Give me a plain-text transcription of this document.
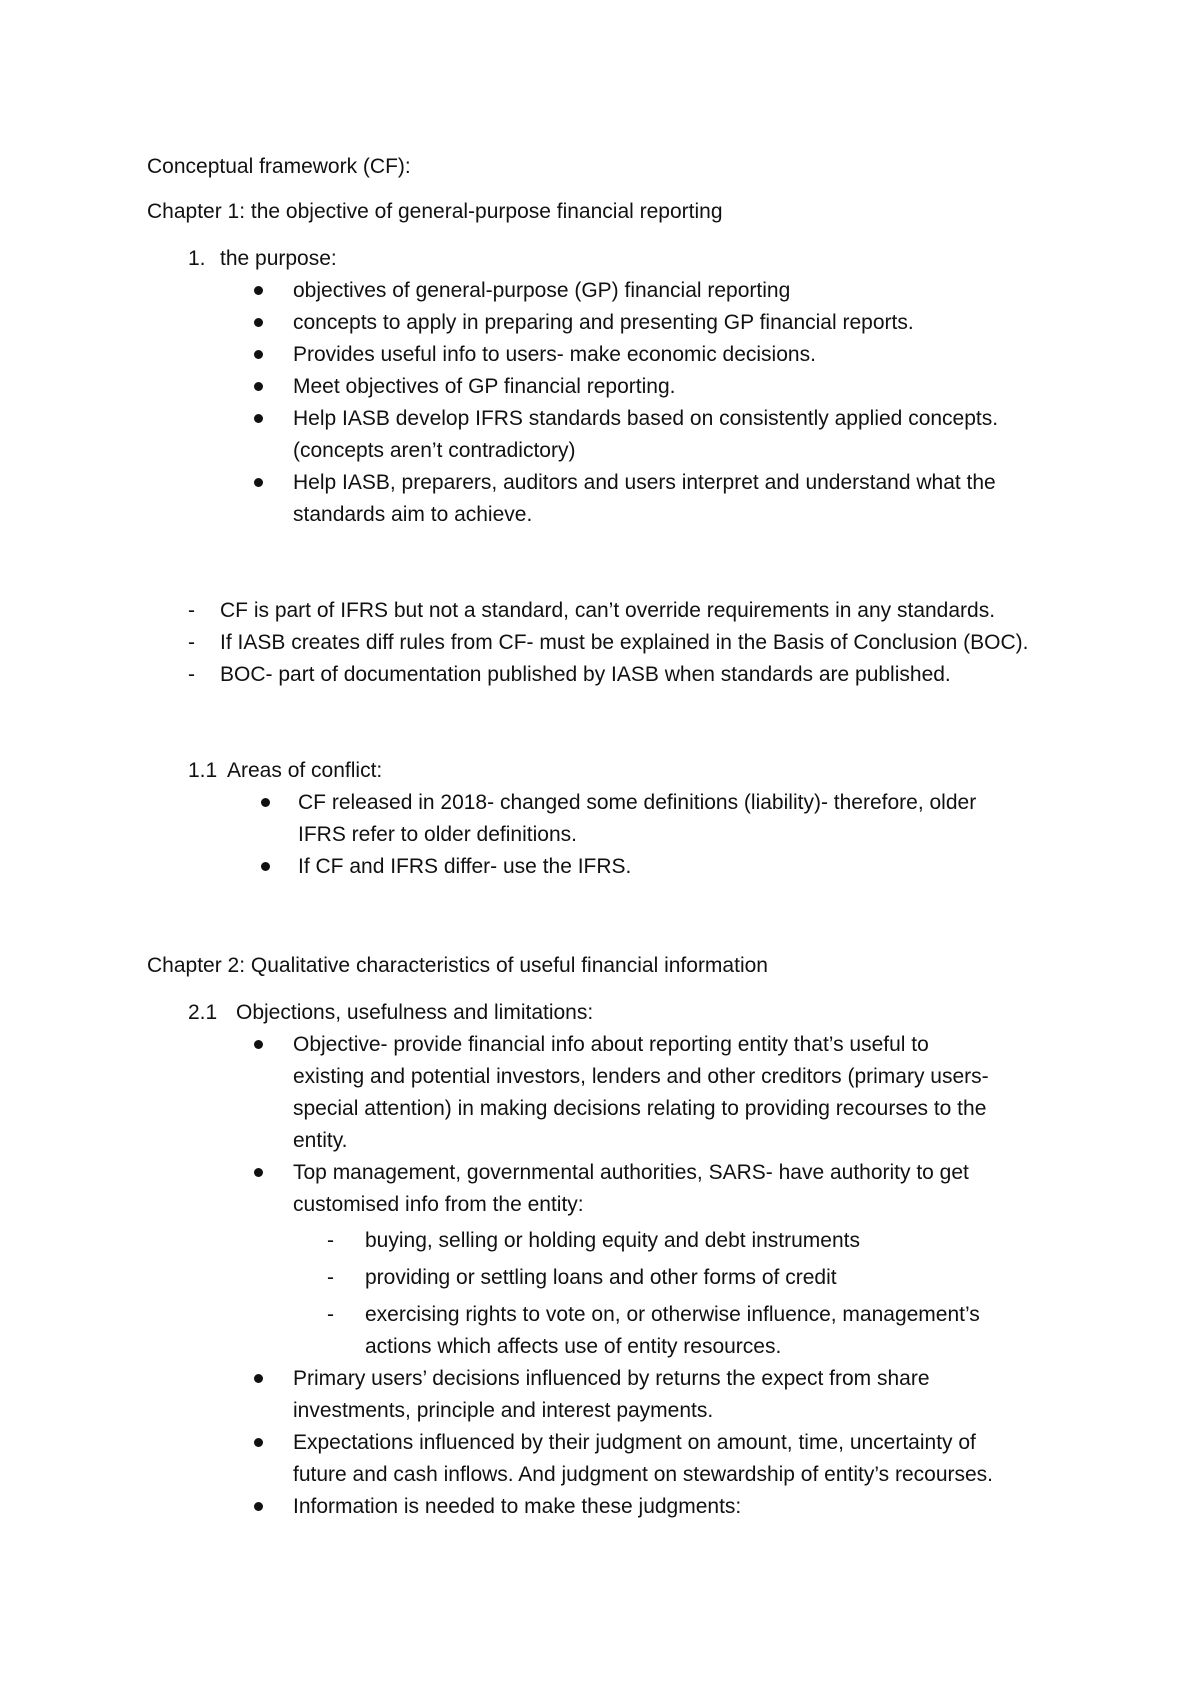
Conceptual framework (CF):
Chapter 1: the objective of general-purpose financial reporting
1. the purpose:
objectives of general-purpose (GP) financial reporting
concepts to apply in preparing and presenting GP financial reports.
Provides useful info to users- make economic decisions.
Meet objectives of GP financial reporting.
Help IASB develop IFRS standards based on consistently applied concepts.
(concepts aren’t contradictory)
Help IASB, preparers, auditors and users interpret and understand what the
standards aim to achieve.
- CF is part of IFRS but not a standard, can’t override requirements in any standards.
- If IASB creates diff rules from CF- must be explained in the Basis of Conclusion (BOC).
- BOC- part of documentation published by IASB when standards are published.
1.1 Areas of conflict:
CF released in 2018- changed some definitions (liability)- therefore, older
IFRS refer to older definitions.
If CF and IFRS differ- use the IFRS.
Chapter 2: Qualitative characteristics of useful financial information
2.1 Objections, usefulness and limitations:
Objective- provide financial info about reporting entity that’s useful to
existing and potential investors, lenders and other creditors (primary users-
special attention) in making decisions relating to providing recourses to the
entity.
Top management, governmental authorities, SARS- have authority to get
customised info from the entity:
- buying, selling or holding equity and debt instruments
- providing or settling loans and other forms of credit
- exercising rights to vote on, or otherwise influence, management’s
actions which affects use of entity resources.
Primary users’ decisions influenced by returns the expect from share
investments, principle and interest payments.
Expectations influenced by their judgment on amount, time, uncertainty of
future and cash inflows. And judgment on stewardship of entity’s recourses.
Information is needed to make these judgments:
